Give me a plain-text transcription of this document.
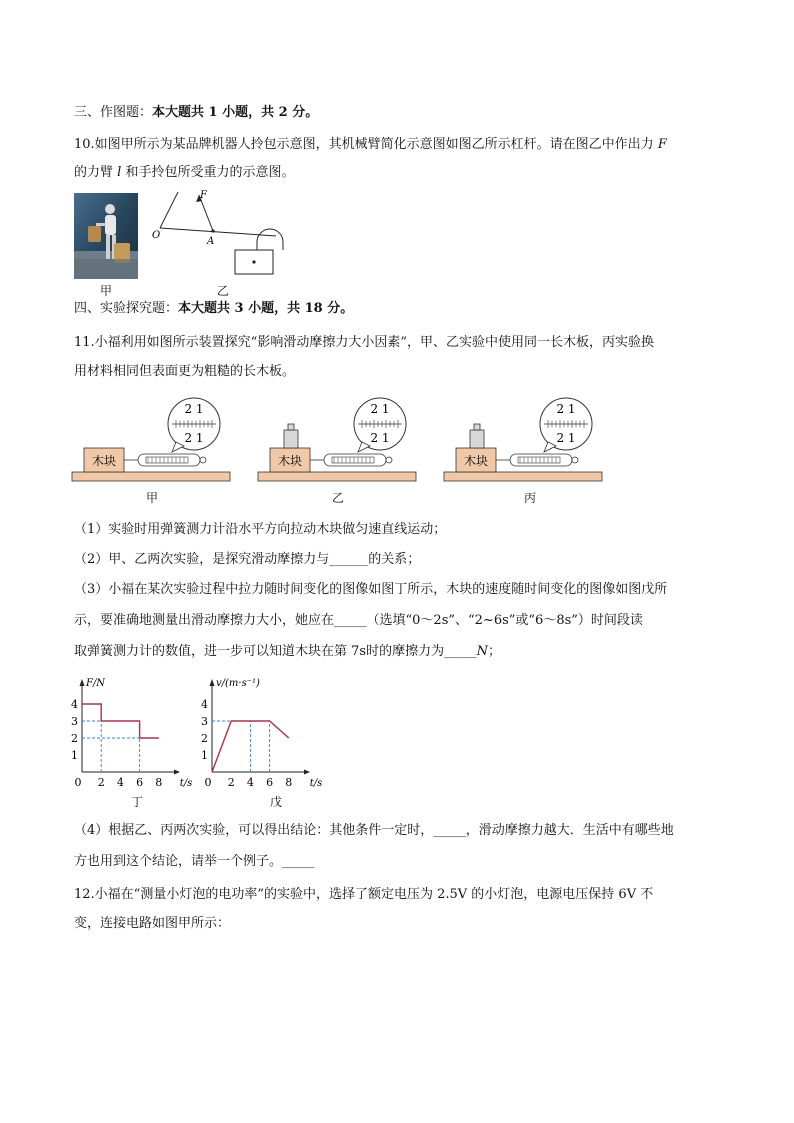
三、作图题：本大题共 1 小题，共 2 分。
10.如图甲所示为某品牌机器人拎包示意图，其机械臂简化示意图如图乙所示杠杆。请在图乙中作出力 F
的力臂 l 和手拎包所受重力的示意图。
甲
F
O
A
乙
四、实验探究题：本大题共 3 小题，共 18 分。
11.小福利用如图所示装置探究“影响滑动摩擦力大小因素”，甲、乙实验中使用同一长木板，丙实验换
用材料相同但表面更为粗糙的长木板。
木块
2 1
2 1
甲
木块
2 1
2 1
乙
木块
2 1
2 1
丙
（1）实验时用弹簧测力计沿水平方向拉动木块做匀速直线运动；
（2）甲、乙两次实验，是探究滑动摩擦力与______的关系；
（3）小福在某次实验过程中拉力随时间变化的图像如图丁所示，木块的速度随时间变化的图像如图戊所
示，要准确地测量出滑动摩擦力大小，她应在_____（选填“0～2s”、“2~6s”或“6～8s”）时间段读
取弹簧测力计的数值，进一步可以知道木块在第 7s时的摩擦力为_____N；
0 2 4 6 8
1
2
3
4
t/s
F/N
丁
0 2 4 6 8
1
2
3
4
t/s
v/(m·s⁻¹)
戊
（4）根据乙、丙两次实验，可以得出结论：其他条件一定时，_____，滑动摩擦力越大．生活中有哪些地
方也用到这个结论，请举一个例子。_____
12.小福在“测量小灯泡的电功率”的实验中，选择了额定电压为 2.5V 的小灯泡，电源电压保持 6V 不
变，连接电路如图甲所示：
